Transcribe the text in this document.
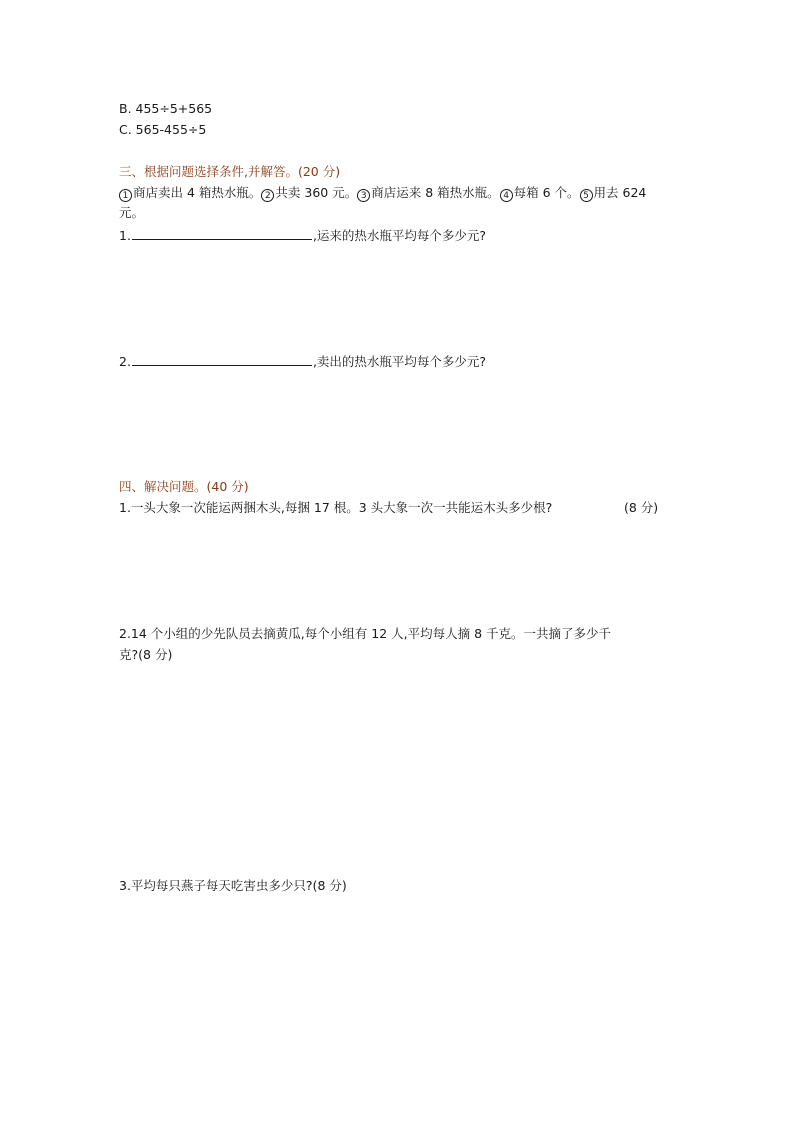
B. 455÷5+565
C. 565-455÷5
三、根据问题选择条件,并解答。(20 分)
1 商店卖出 4 箱热水瓶。 2 共卖 360 元。 3 商店运来 8 箱热水瓶。 4 每箱 6 个。 5 用去 624
元。
1.	,运来的热水瓶平均每个多少元?
2.	,卖出的热水瓶平均每个多少元?
四、解决问题。(40 分)
1.一头大象一次能运两捆木头,每捆 17 根。3 头大象一次一共能运木头多少根?	(8 分)
2.14 个小组的少先队员去摘黄瓜,每个小组有 12 人,平均每人摘 8 千克。一共摘了多少千
克?(8 分)
3.平均每只燕子每天吃害虫多少只?(8 分)
